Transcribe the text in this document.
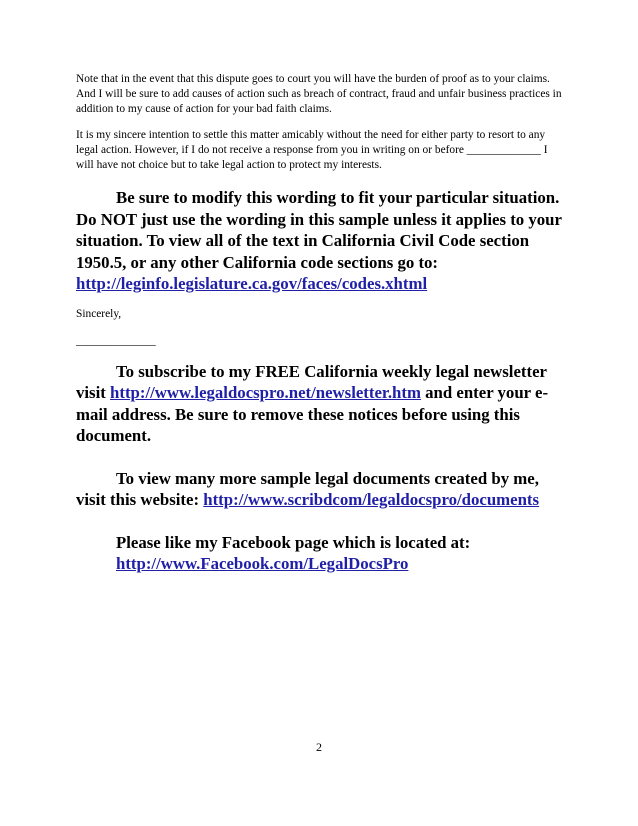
Note that in the event that this dispute goes to court you will have the burden of proof as to your claims. And I will be sure to add causes of action such as breach of contract, fraud and unfair business practices in addition to my cause of action for your bad faith claims.

It is my sincere intention to settle this matter amicably without the need for either party to resort to any legal action. However, if I do not receive a response from you in writing on or before _____________ I will have not choice but to take legal action to protect my interests.

Be sure to modify this wording to fit your particular situation. Do NOT just use the wording in this sample unless it applies to your situation. To view all of the text in California Civil Code section 1950.5, or any other California code sections go to: http://leginfo.legislature.ca.gov/faces/codes.xhtml

Sincerely,

______________

To subscribe to my FREE California weekly legal newsletter visit http://www.legaldocspro.net/newsletter.htm and enter your e-mail address. Be sure to remove these notices before using this document.

To view many more sample legal documents created by me, visit this website: http://www.scribdcom/legaldocspro/documents

Please like my Facebook page which is located at:
http://www.Facebook.com/LegalDocsPro
2
